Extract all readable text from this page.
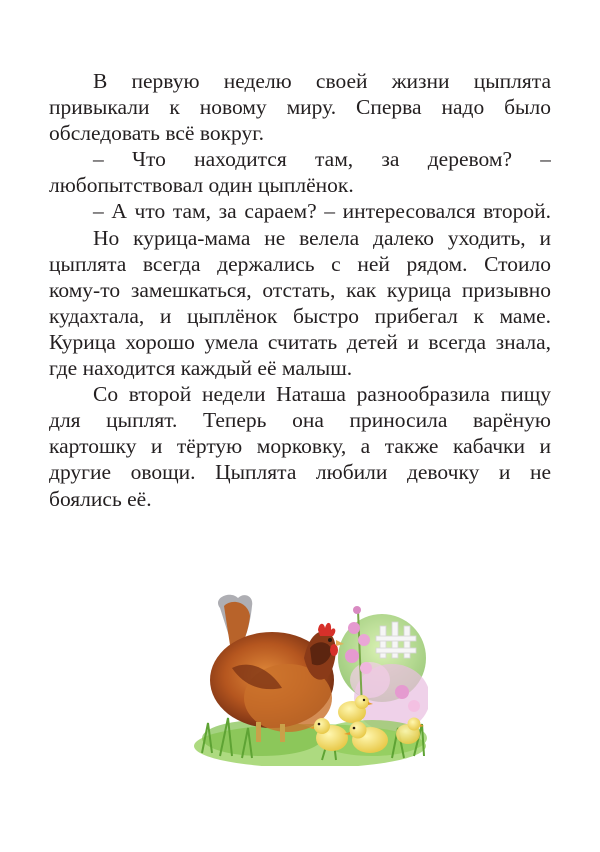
В первую неделю своей жизни цыплята
привыкали к новому миру. Сперва надо было
обследовать всё вокруг.
– Что находится там, за деревом? –
любопытствовал один цыплёнок.
– А что там, за сараем? – интересовался второй.
Но курица-мама не велела далеко уходить, и
цыплята всегда держались с ней рядом. Стоило
кому-то замешкаться, отстать, как курица призывно
кудахтала, и цыплёнок быстро прибегал к маме.
Курица хорошо умела считать детей и всегда знала,
где находится каждый её малыш.
Со второй недели Наташа разнообразила пищу
для цыплят. Теперь она приносила варёную
картошку и тёртую морковку, а также кабачки и
другие овощи. Цыплята любили девочку и не
боялись её.
